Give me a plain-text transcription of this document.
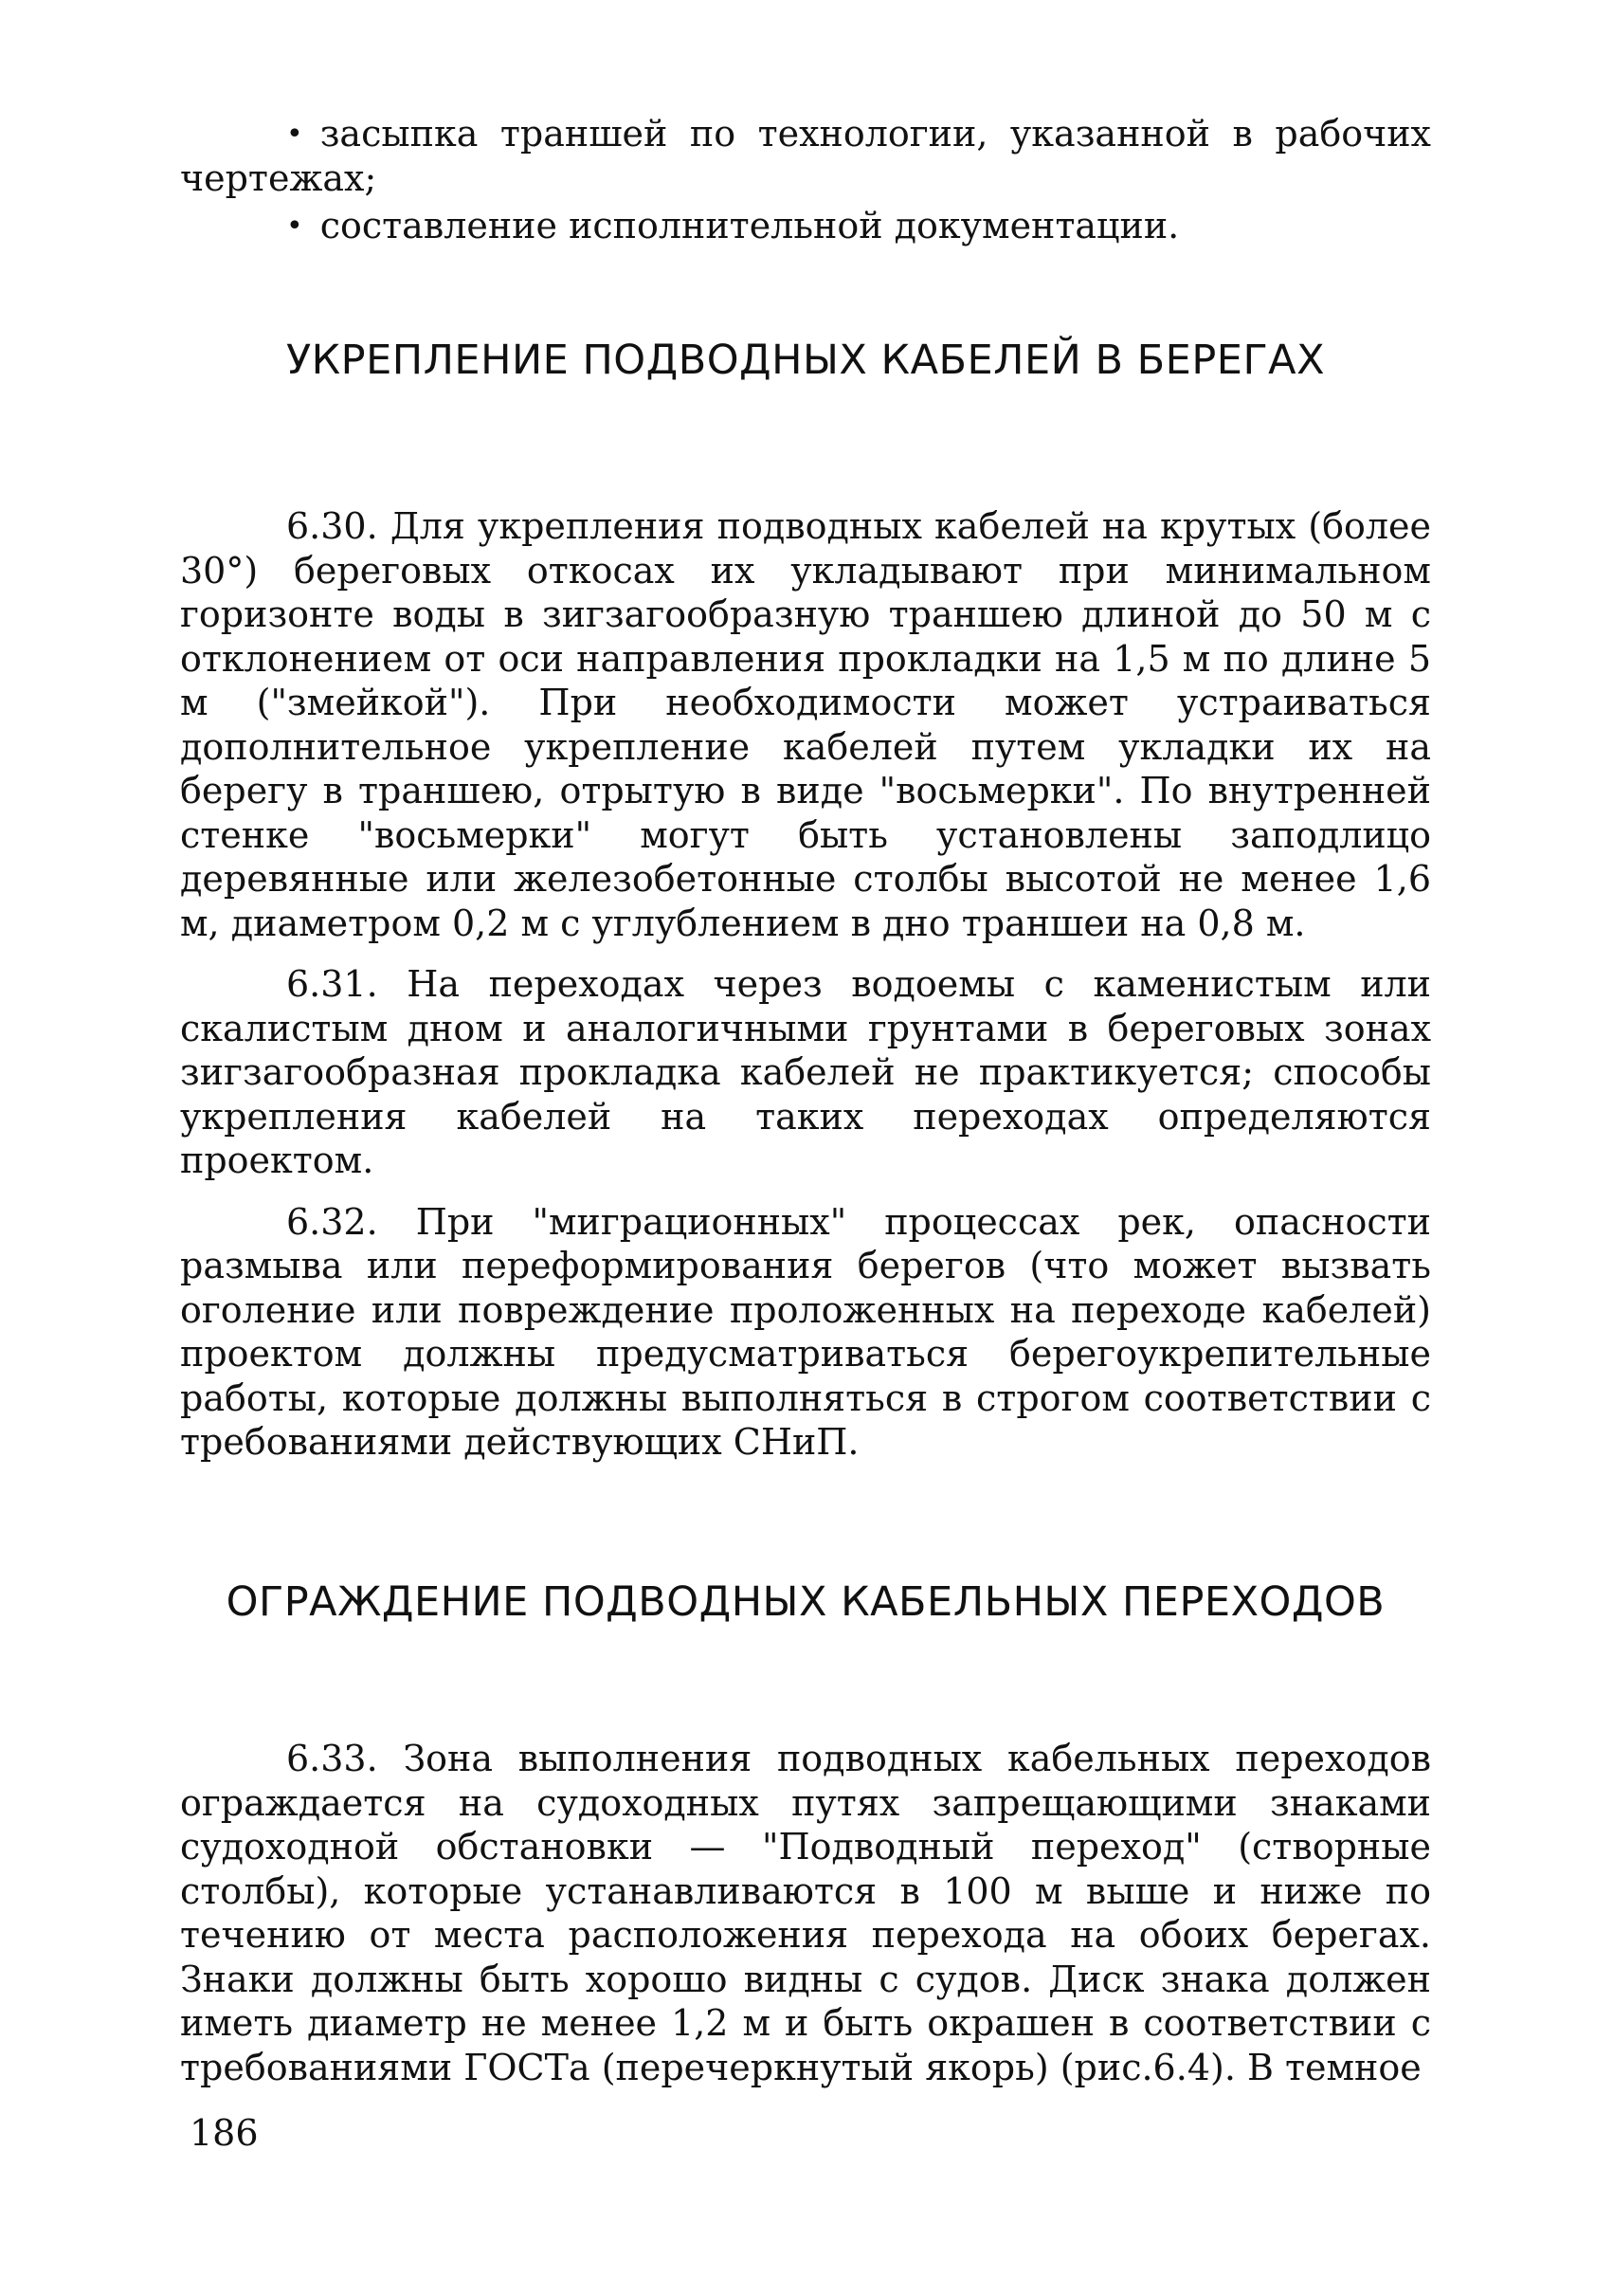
• засыпка траншей по технологии, указанной в рабочих чертежах;
• составление исполнительной документации.
УКРЕПЛЕНИЕ ПОДВОДНЫХ КАБЕЛЕЙ В БЕРЕГАХ

6.30. Для укрепления подводных кабелей на крутых (более 30°) береговых откосах их укладывают при минимальном горизонте воды в зигзагообразную траншею длиной до 50 м с отклонением от оси направления прокладки на 1,5 м по длине 5 м ("змейкой"). При необходимости может устраиваться дополнительное укрепление кабелей путем укладки их на берегу в траншею, отрытую в виде "восьмерки". По внутренней стенке "восьмерки" могут быть установлены заподлицо деревянные или железобетонные столбы высотой не менее 1,6 м, диаметром 0,2 м с углублением в дно траншеи на 0,8 м.

6.31. На переходах через водоемы с каменистым или скалистым дном и аналогичными грунтами в береговых зонах зигзагообразная прокладка кабелей не практикуется; способы укрепления кабелей на таких переходах определяются проектом.

6.32. При "миграционных" процессах рек, опасности размыва или переформирования берегов (что может вызвать оголение или повреждение проложенных на переходе кабелей) проектом должны предусматриваться берегоукрепительные работы, которые должны выполняться в строгом соответствии с требованиями действующих СНиП.

ОГРАЖДЕНИЕ ПОДВОДНЫХ КАБЕЛЬНЫХ ПЕРЕХОДОВ

6.33. Зона выполнения подводных кабельных переходов ограждается на судоходных путях запрещающими знаками судоходной обстановки — "Подводный переход" (створные столбы), которые устанавливаются в 100 м выше и ниже по течению от места расположения перехода на обоих берегах. Знаки должны быть хорошо видны с судов. Диск знака должен иметь диаметр не менее 1,2 м и быть окрашен в соответствии с требованиями ГОСТа (перечеркнутый якорь) (рис.6.4). В темное

186
